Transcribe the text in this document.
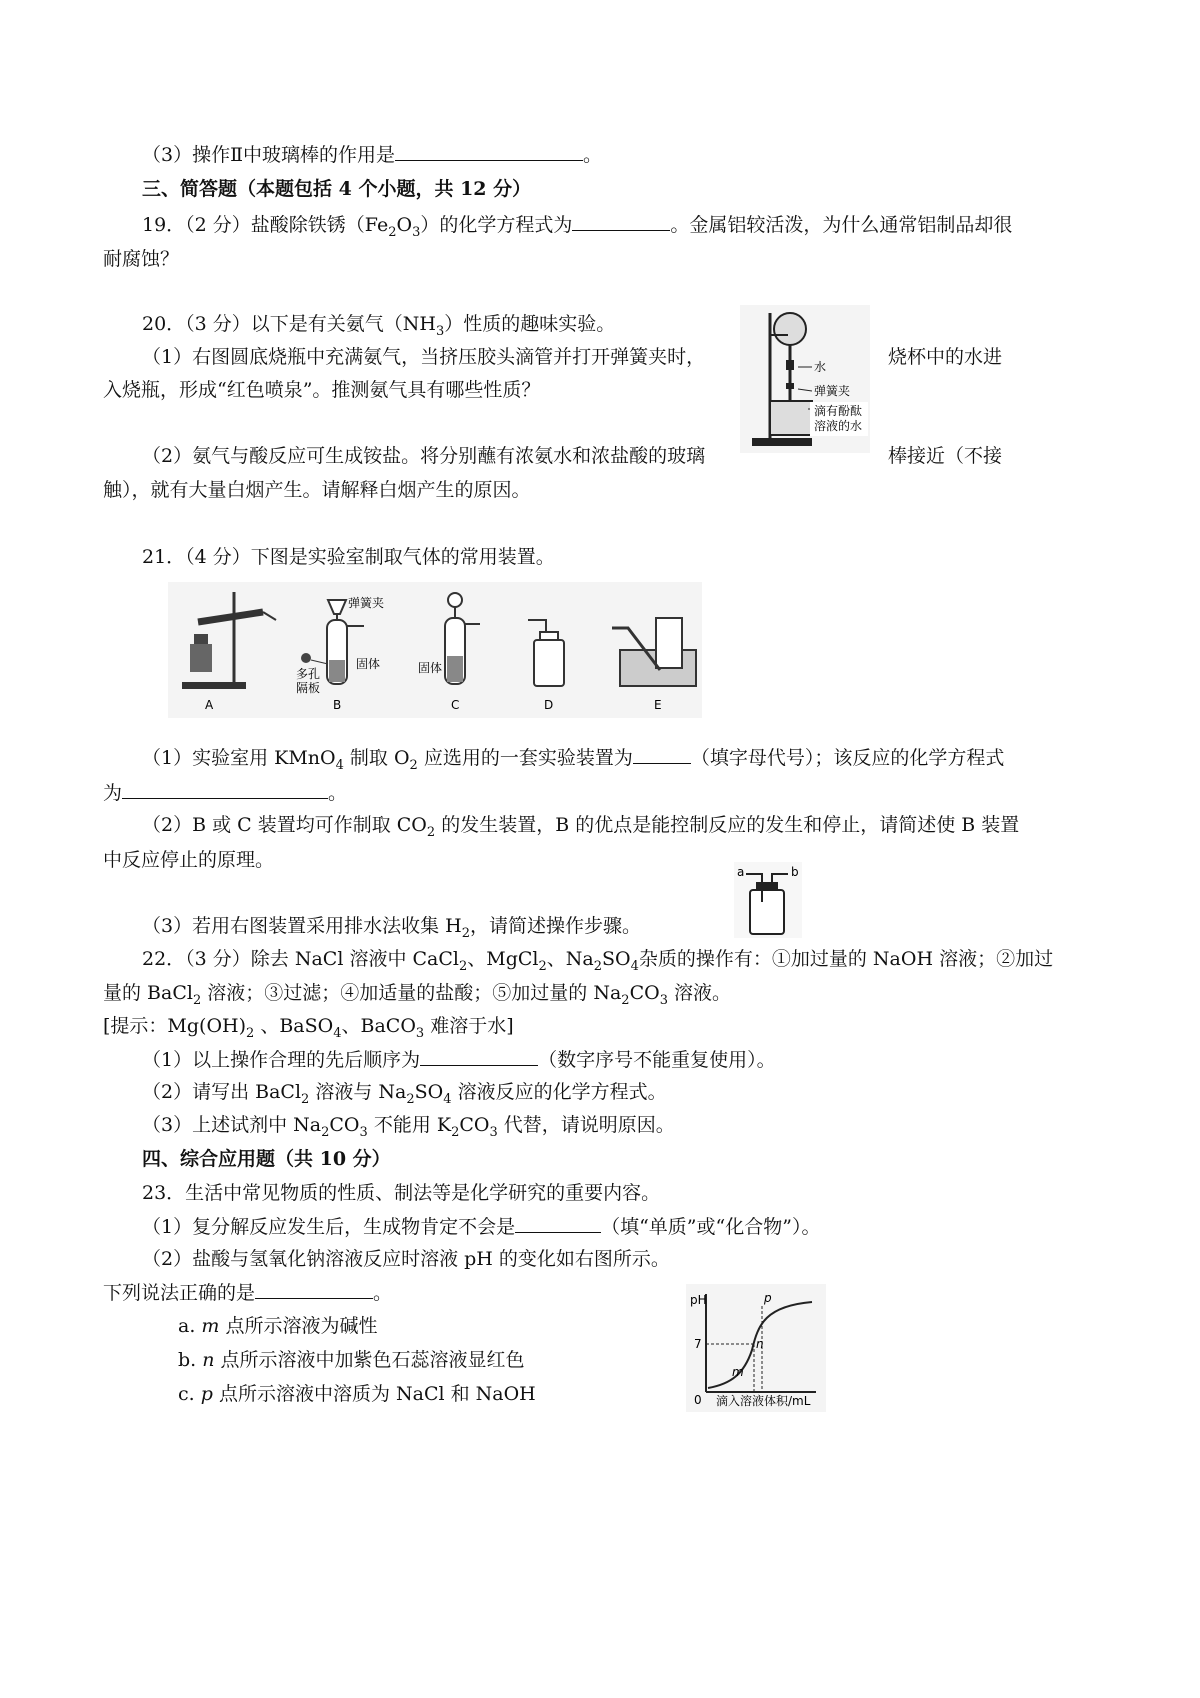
（3）操作Ⅱ中玻璃棒的作用是	。
三、简答题（本题包括 4 个小题，共 12 分）
19．（2 分）盐酸除铁锈$(Fe_2O_3)$的化学方程式为	。金属铝较活泼，为什么通常铝制品却很
耐腐蚀？
20．（3 分）以下是有关氨气$(NH_3)$性质的趣味实验。
（1）右图圆底烧瓶中充满氨气，当挤压胶头滴管并打开弹簧夹时，	烧杯中的水进
入烧瓶，形成“红色喷泉”。推测氨气具有哪些性质？
（2）氨气与酸反应可生成铵盐。将分别蘸有浓氨水和浓盐酸的玻璃	棒接近（不接
触），就有大量白烟产生。请解释白烟产生的原因。
水
弹簧夹
滴有酚酞
溶液的水
21．（4 分）下图是实验室制取气体的常用装置。
A
弹簧夹
固体
多孔
隔板
B
固体
C	D	E
（1）实验室用 KMnO$_4$ 制取 $O_2$ 应选用的一套实验装置为	（填字母代号）；该反应的化学方程式
为	。
（2）B 或 C 装置均可作制取 $CO_2$ 的发生装置，B 的优点是能控制反应的发生和停止，请简述使 B 装置
中反应停止的原理。
a	b
（3）若用右图装置采用排水法收集 $H_2$，请简述操作步骤。
22．（3 分）除去 NaCl 溶液中 CaCl$_2$、MgCl$_2$、$Na_2SO_4$杂质的操作有：①加过量的 NaOH 溶液；②加过
量的 BaCl$_2$ 溶液；③过滤；④加适量的盐酸；⑤加过量的 $Na_2CO_3$ 溶液。
[提示：$Mg(OH)_2$ 、BaSO$_4$、BaCO$_3$ 难溶于水]
（1）以上操作合理的先后顺序为	（数字序号不能重复使用）。
（2）请写出 BaCl$_2$ 溶液与 $Na_2SO_4$ 溶液反应的化学方程式。
（3）上述试剂中 $Na_2CO_3$ 不能用 $K_2CO_3$ 代替，请说明原因。
四、综合应用题（共 10 分）
23．生活中常见物质的性质、制法等是化学研究的重要内容。
（1）复分解反应发生后，生成物肯定不会是	（填“单质”或“化合物”）。
（2）盐酸与氢氧化钠溶液反应时溶液 pH 的变化如右图所示。
下列说法正确的是	。
a. m 点所示溶液为碱性
b. n 点所示溶液中加紫色石蕊溶液显红色
c. p 点所示溶液中溶质为 NaCl 和 NaOH
pH
7
0 滴入溶液体积/mL
m
n
p
